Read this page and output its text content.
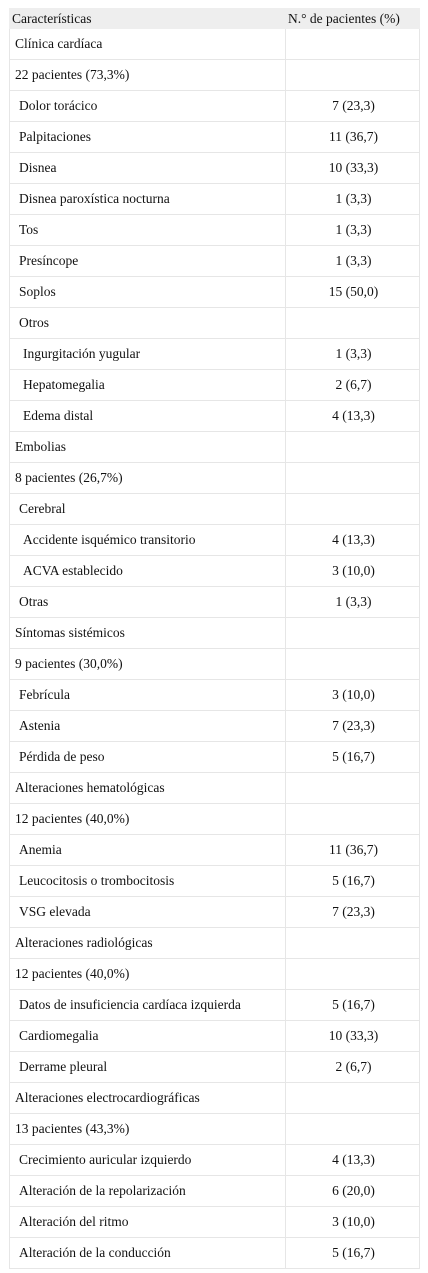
Características	N.° de pacientes (%)
Clínica cardíaca	
22 pacientes (73,3%)	
Dolor torácico	7 (23,3)
Palpitaciones	11 (36,7)
Disnea	10 (33,3)
Disnea paroxística nocturna	1 (3,3)
Tos	1 (3,3)
Presíncope	1 (3,3)
Soplos	15 (50,0)
Otros	
Ingurgitación yugular	1 (3,3)
Hepatomegalia	2 (6,7)
Edema distal	4 (13,3)
Embolias	
8 pacientes (26,7%)	
Cerebral	
Accidente isquémico transitorio	4 (13,3)
ACVA establecido	3 (10,0)
Otras	1 (3,3)
Síntomas sistémicos	
9 pacientes (30,0%)	
Febrícula	3 (10,0)
Astenia	7 (23,3)
Pérdida de peso	5 (16,7)
Alteraciones hematológicas	
12 pacientes (40,0%)	
Anemia	11 (36,7)
Leucocitosis o trombocitosis	5 (16,7)
VSG elevada	7 (23,3)
Alteraciones radiológicas	
12 pacientes (40,0%)	
Datos de insuficiencia cardíaca izquierda	5 (16,7)
Cardiomegalia	10 (33,3)
Derrame pleural	2 (6,7)
Alteraciones electrocardiográficas	
13 pacientes (43,3%)	
Crecimiento auricular izquierdo	4 (13,3)
Alteración de la repolarización	6 (20,0)
Alteración del ritmo	3 (10,0)
Alteración de la conducción	5 (16,7)
